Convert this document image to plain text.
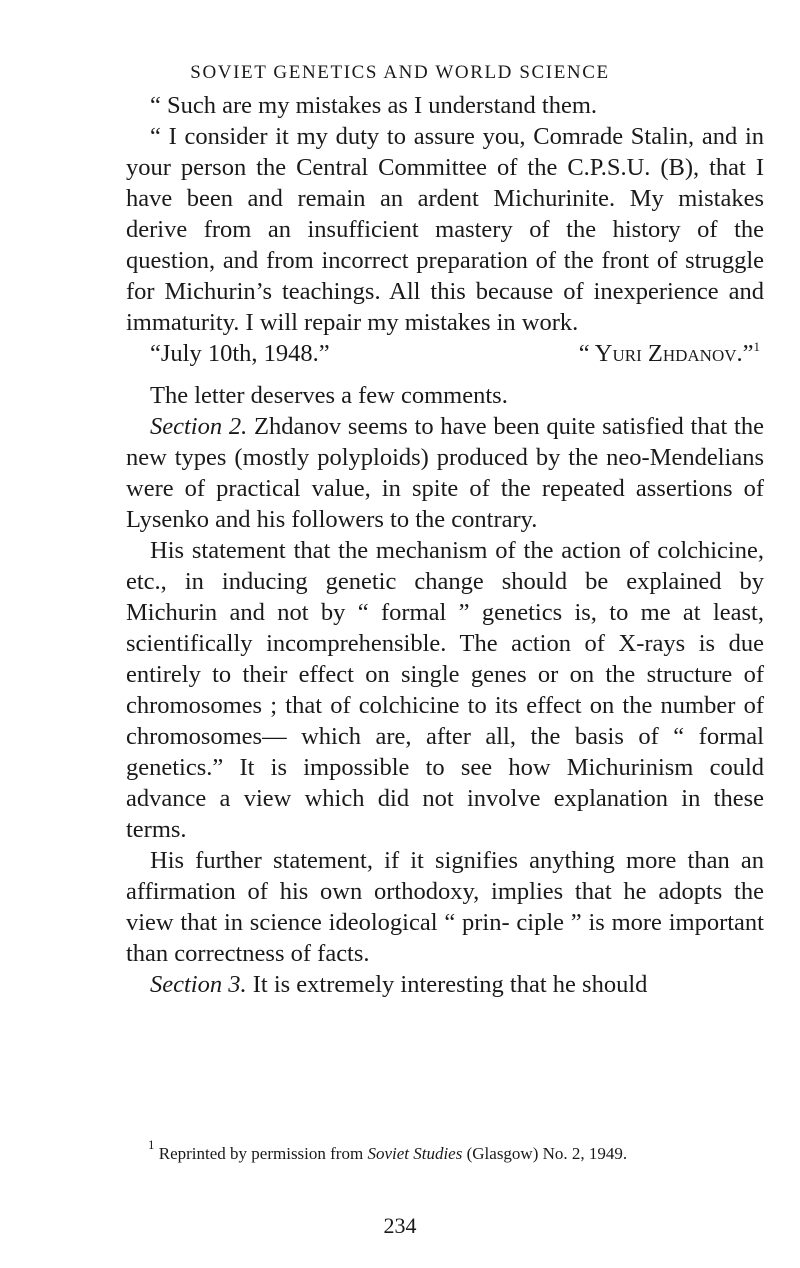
SOVIET GENETICS AND WORLD SCIENCE

“ Such are my mistakes as I understand them.

“ I consider it my duty to assure you, Comrade Stalin, and in your person the Central Committee of the C.P.S.U. (B), that I have been and remain an ardent Michurinite. My mistakes derive from an insufficient mastery of the history of the question, and from incorrect preparation of the front of struggle for Michurin’s teachings. All this because of inexperience and immaturity. I will repair my mistakes in work.

“July 10th, 1948.”	“ Yuri Zhdanov.”$^1$

The letter deserves a few comments.

Section 2. Zhdanov seems to have been quite satisfied that the new types (mostly polyploids) produced by the neo-Mendelians were of practical value, in spite of the repeated assertions of Lysenko and his followers to the contrary.

His statement that the mechanism of the action of colchicine, etc., in inducing genetic change should be explained by Michurin and not by “ formal ” genetics is, to me at least, scientifically incomprehensible. The action of X-rays is due entirely to their effect on single genes or on the structure of chromosomes ; that of colchicine to its effect on the number of chromosomes— which are, after all, the basis of “ formal genetics.” It is impossible to see how Michurinism could advance a view which did not involve explanation in these terms.

His further statement, if it signifies anything more than an affirmation of his own orthodoxy, implies that he adopts the view that in science ideological “ prin- ciple ” is more important than correctness of facts.

Section 3. It is extremely interesting that he should

$^1$ Reprinted by permission from Soviet Studies (Glasgow) No. 2, 1949.

234
